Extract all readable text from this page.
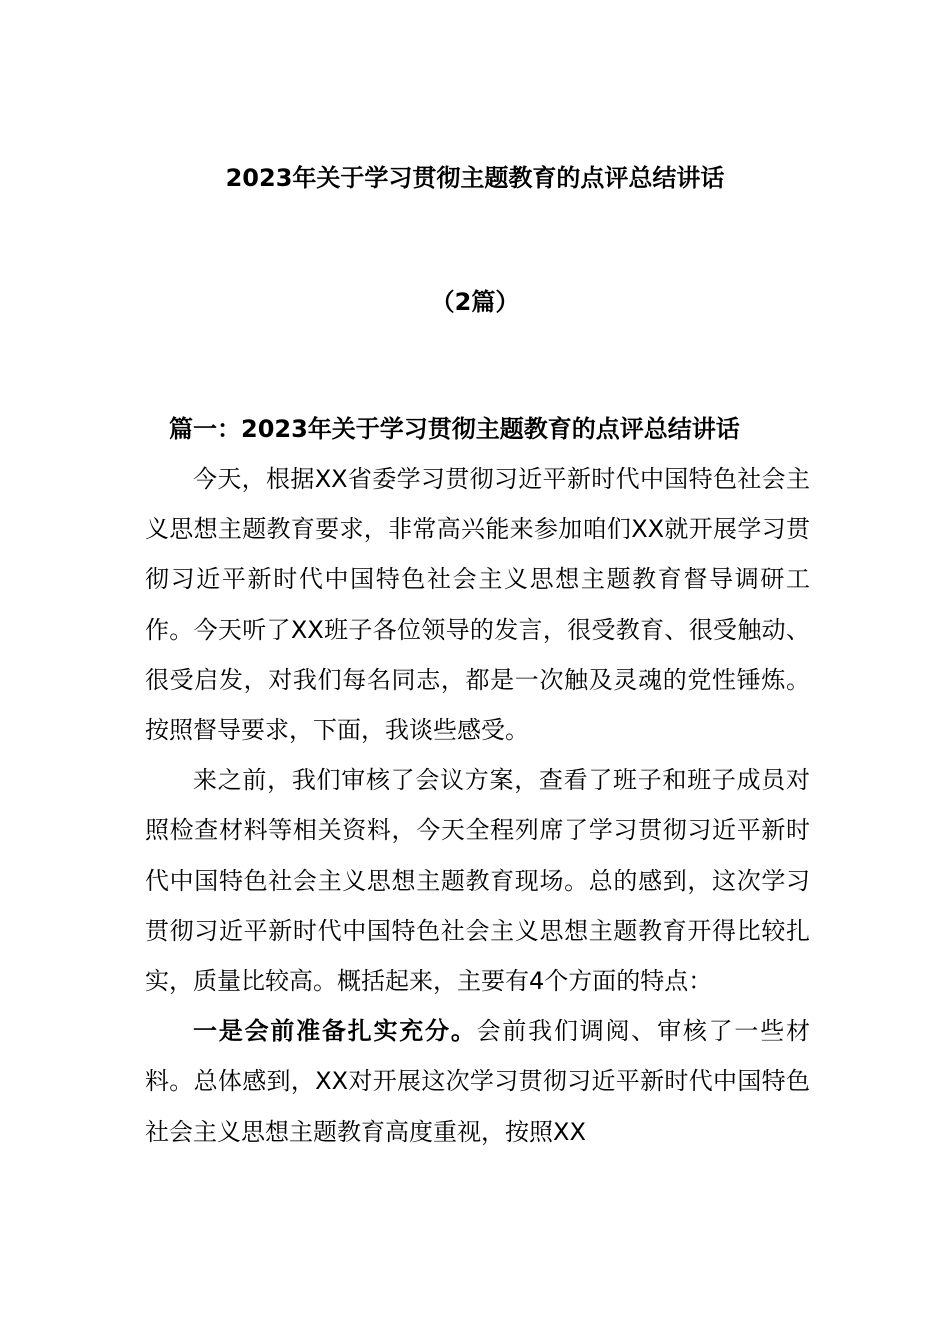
2023年关于学习贯彻主题教育的点评总结讲话
（2篇）
篇一：2023年关于学习贯彻主题教育的点评总结讲话

今天，根据XX省委学习贯彻习近平新时代中国特色社会主义思想主题教育要求，非常高兴能来参加咱们XX就开展学习贯彻习近平新时代中国特色社会主义思想主题教育督导调研工作。今天听了XX班子各位领导的发言，很受教育、很受触动、很受启发，对我们每名同志，都是一次触及灵魂的党性锤炼。按照督导要求，下面，我谈些感受。

来之前，我们审核了会议方案，查看了班子和班子成员对照检查材料等相关资料，今天全程列席了学习贯彻习近平新时代中国特色社会主义思想主题教育现场。总的感到，这次学习贯彻习近平新时代中国特色社会主义思想主题教育开得比较扎实，质量比较高。概括起来，主要有4个方面的特点：

一是会前准备扎实充分。会前我们调阅、审核了一些材料。总体感到，XX对开展这次学习贯彻习近平新时代中国特色社会主义思想主题教育高度重视，按照XX
